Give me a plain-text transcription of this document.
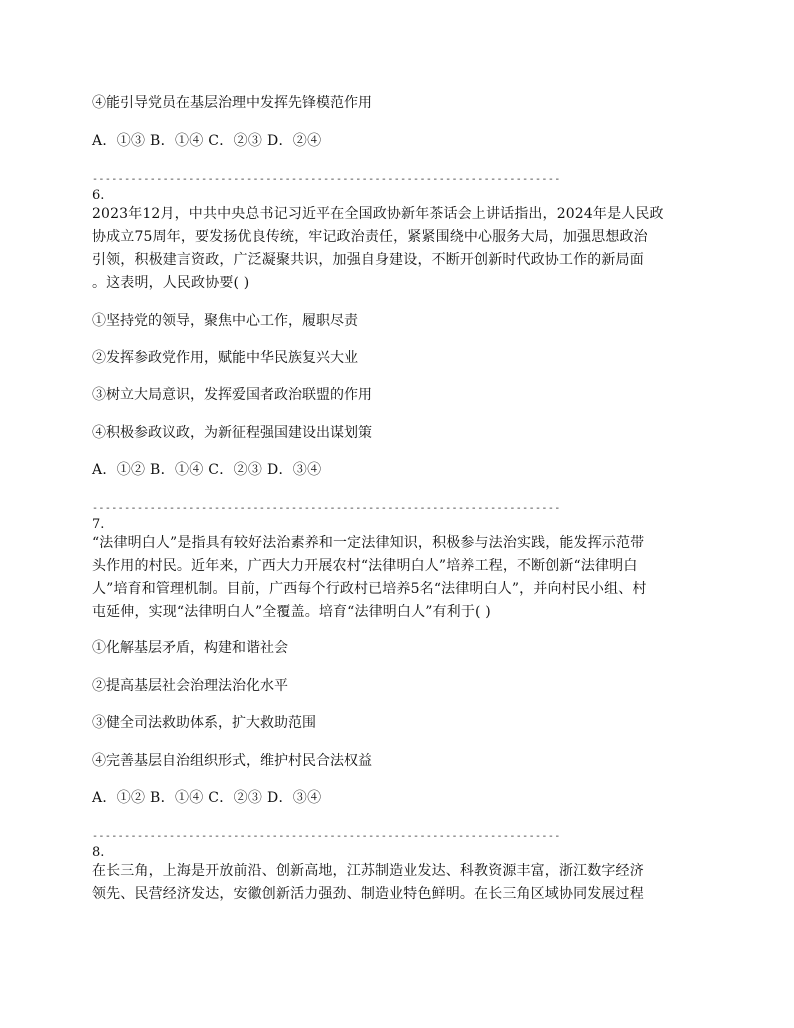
④能引导党员在基层治理中发挥先锋模范作用
A．①③ B．①④ C．②③ D．②④
-------------------------------------------------------------------------
6.
2023年12月，中共中央总书记习近平在全国政协新年茶话会上讲话指出，2024年是人民政
协成立75周年，要发扬优良传统，牢记政治责任，紧紧围绕中心服务大局，加强思想政治
引领，积极建言资政，广泛凝聚共识，加强自身建设，不断开创新时代政协工作的新局面
。这表明，人民政协要( )
①坚持党的领导，聚焦中心工作，履职尽责
②发挥参政党作用，赋能中华民族复兴大业
③树立大局意识，发挥爱国者政治联盟的作用
④积极参政议政，为新征程强国建设出谋划策
A．①② B．①④ C．②③ D．③④
-------------------------------------------------------------------------
7.
“法律明白人”是指具有较好法治素养和一定法律知识，积极参与法治实践，能发挥示范带
头作用的村民。近年来，广西大力开展农村“法律明白人”培养工程，不断创新“法律明白
人”培育和管理机制。目前，广西每个行政村已培养5名“法律明白人”，并向村民小组、村
屯延伸，实现“法律明白人”全覆盖。培育“法律明白人”有利于( )
①化解基层矛盾，构建和谐社会
②提高基层社会治理法治化水平
③健全司法救助体系，扩大救助范围
④完善基层自治组织形式，维护村民合法权益
A．①② B．①④ C．②③ D．③④
-------------------------------------------------------------------------
8.
在长三角，上海是开放前沿、创新高地，江苏制造业发达、科教资源丰富，浙江数字经济
领先、民营经济发达，安徽创新活力强劲、制造业特色鲜明。在长三角区域协同发展过程
